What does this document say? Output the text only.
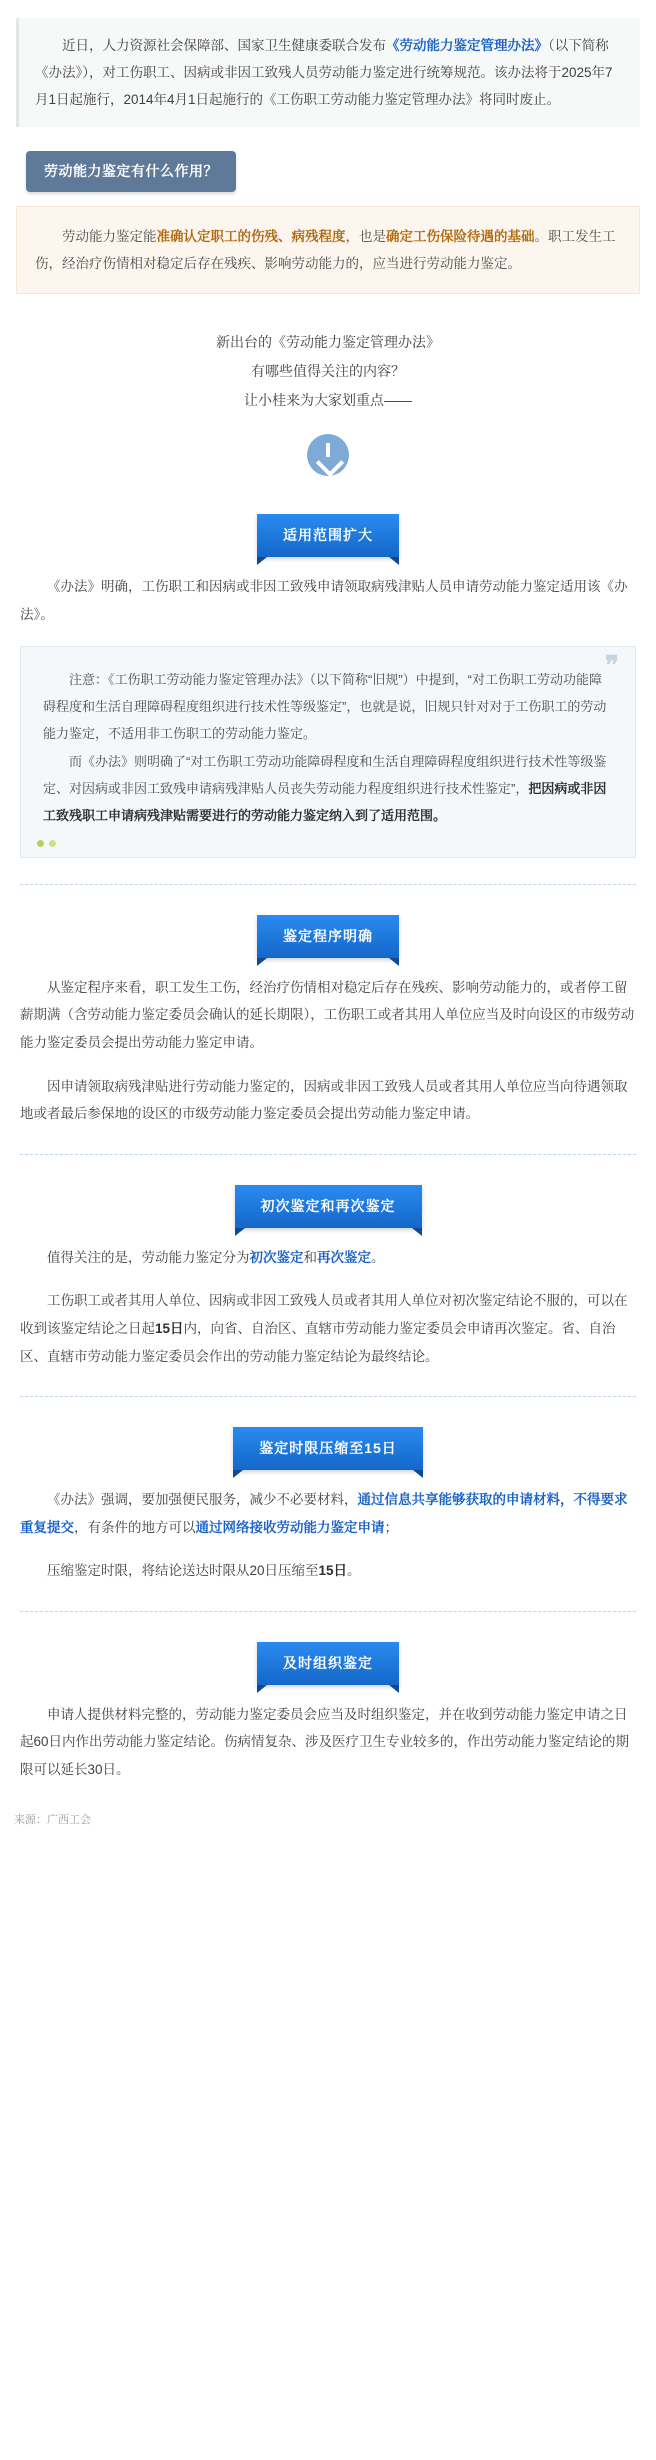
近日，人力资源社会保障部、国家卫生健康委联合发布《劳动能力鉴定管理办法》（以下简称《办法》），对工伤职工、因病或非因工致残人员劳动能力鉴定进行统筹规范。该办法将于2025年7月1日起施行，2014年4月1日起施行的《工伤职工劳动能力鉴定管理办法》将同时废止。
劳动能力鉴定有什么作用？
劳动能力鉴定能准确认定职工的伤残、病残程度，也是确定工伤保险待遇的基础。职工发生工伤，经治疗伤情相对稳定后存在残疾、影响劳动能力的，应当进行劳动能力鉴定。
新出台的《劳动能力鉴定管理办法》
有哪些值得关注的内容？
让小桂来为大家划重点——
适用范围扩大
《办法》明确，工伤职工和因病或非因工致残申请领取病残津贴人员申请劳动能力鉴定适用该《办法》。
❞

注意：《工伤职工劳动能力鉴定管理办法》（以下简称“旧规”）中提到，“对工伤职工劳动功能障碍程度和生活自理障碍程度组织进行技术性等级鉴定”，也就是说，旧规只针对对于工伤职工的劳动能力鉴定，不适用非工伤职工的劳动能力鉴定。

而《办法》则明确了“对工伤职工劳动功能障碍程度和生活自理障碍程度组织进行技术性等级鉴定、对因病或非因工致残申请病残津贴人员丧失劳动能力程度组织进行技术性鉴定”，把因病或非因工致残职工申请病残津贴需要进行的劳动能力鉴定纳入到了适用范围。

鉴定程序明确
从鉴定程序来看，职工发生工伤，经治疗伤情相对稳定后存在残疾、影响劳动能力的，或者停工留薪期满（含劳动能力鉴定委员会确认的延长期限），工伤职工或者其用人单位应当及时向设区的市级劳动能力鉴定委员会提出劳动能力鉴定申请。
因申请领取病残津贴进行劳动能力鉴定的，因病或非因工致残人员或者其用人单位应当向待遇领取地或者最后参保地的设区的市级劳动能力鉴定委员会提出劳动能力鉴定申请。
初次鉴定和再次鉴定
值得关注的是，劳动能力鉴定分为初次鉴定和再次鉴定。
工伤职工或者其用人单位、因病或非因工致残人员或者其用人单位对初次鉴定结论不服的，可以在收到该鉴定结论之日起15日内，向省、自治区、直辖市劳动能力鉴定委员会申请再次鉴定。省、自治区、直辖市劳动能力鉴定委员会作出的劳动能力鉴定结论为最终结论。
鉴定时限压缩至15日
《办法》强调，要加强便民服务，减少不必要材料，通过信息共享能够获取的申请材料，不得要求重复提交，有条件的地方可以通过网络接收劳动能力鉴定申请；
压缩鉴定时限，将结论送达时限从20日压缩至15日。
及时组织鉴定
申请人提供材料完整的，劳动能力鉴定委员会应当及时组织鉴定，并在收到劳动能力鉴定申请之日起60日内作出劳动能力鉴定结论。伤病情复杂、涉及医疗卫生专业较多的，作出劳动能力鉴定结论的期限可以延长30日。
来源：广西工会
